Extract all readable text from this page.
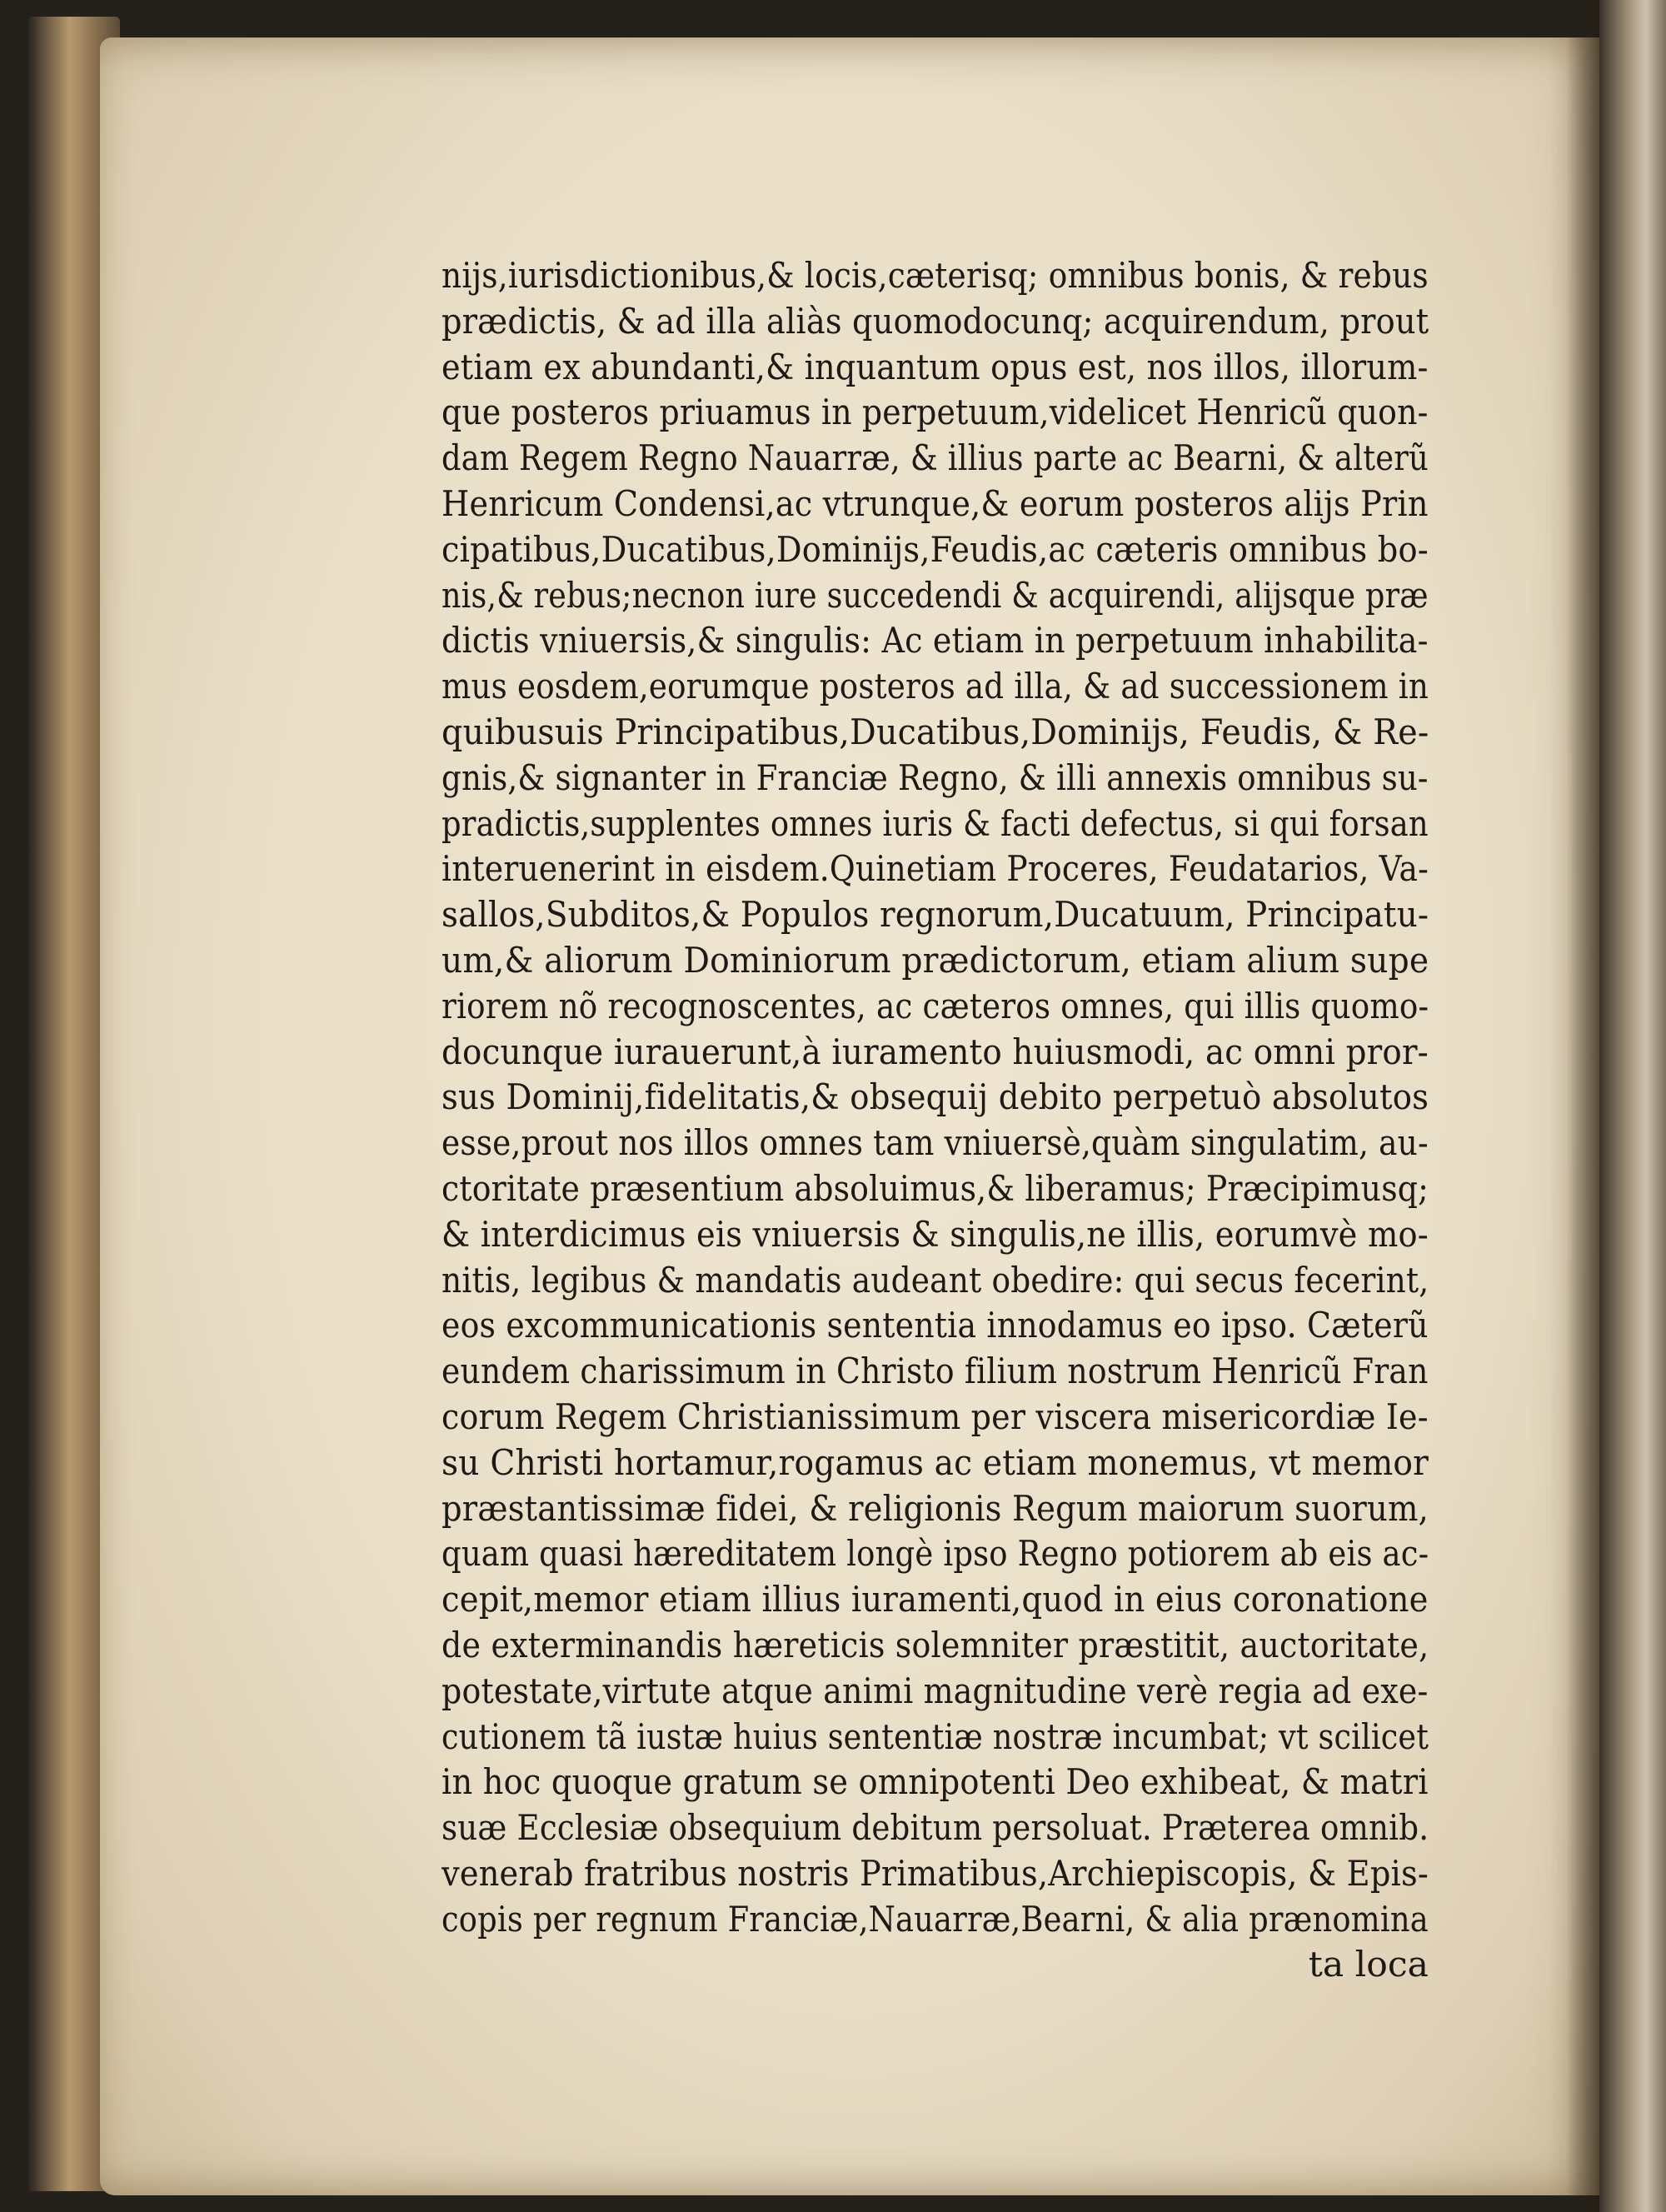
nijs,iurisdictionibus,& locis,cæterisq; omnibus bonis, & rebus
prædictis, & ad illa aliàs quomodocunq; acquirendum, prout
etiam ex abundanti,& inquantum opus est, nos illos, illorum-
que posteros priuamus in perpetuum,videlicet Henricũ quon-
dam Regem Regno Nauarræ, & illius parte ac Bearni, & alterũ
Henricum Condensi,ac vtrunque,& eorum posteros alijs Prin
cipatibus,Ducatibus,Dominijs,Feudis,ac cæteris omnibus bo-
nis,& rebus;necnon iure succedendi & acquirendi, alijsque præ
dictis vniuersis,& singulis: Ac etiam in perpetuum inhabilita-
mus eosdem,eorumque posteros ad illa, & ad successionem in
quibusuis Principatibus,Ducatibus,Dominijs, Feudis, & Re-
gnis,& signanter in Franciæ Regno, & illi annexis omnibus su-
pradictis,supplentes omnes iuris & facti defectus, si qui forsan
interuenerint in eisdem.Quinetiam Proceres, Feudatarios, Va-
sallos,Subditos,& Populos regnorum,Ducatuum, Principatu-
um,& aliorum Dominiorum prædictorum, etiam alium supe
riorem nõ recognoscentes, ac cæteros omnes, qui illis quomo-
docunque iurauerunt,à iuramento huiusmodi, ac omni pror-
sus Dominij,fidelitatis,& obsequij debito perpetuò absolutos
esse,prout nos illos omnes tam vniuersè,quàm singulatim, au-
ctoritate præsentium absoluimus,& liberamus; Præcipimusq;
& interdicimus eis vniuersis & singulis,ne illis, eorumvè mo-
nitis, legibus & mandatis audeant obedire: qui secus fecerint,
eos excommunicationis sententia innodamus eo ipso. Cæterũ
eundem charissimum in Christo filium nostrum Henricũ Fran
corum Regem Christianissimum per viscera misericordiæ Ie-
su Christi hortamur,rogamus ac etiam monemus, vt memor
præstantissimæ fidei, & religionis Regum maiorum suorum,
quam quasi hæreditatem longè ipso Regno potiorem ab eis ac-
cepit,memor etiam illius iuramenti,quod in eius coronatione
de exterminandis hæreticis solemniter præstitit, auctoritate,
potestate,virtute atque animi magnitudine verè regia ad exe-
cutionem tã iustæ huius sententiæ nostræ incumbat; vt scilicet
in hoc quoque gratum se omnipotenti Deo exhibeat, & matri
suæ Ecclesiæ obsequium debitum persoluat. Præterea omnib.
venerab fratribus nostris Primatibus,Archiepiscopis, & Epis-
copis per regnum Franciæ,Nauarræ,Bearni, & alia prænomina
ta loca
